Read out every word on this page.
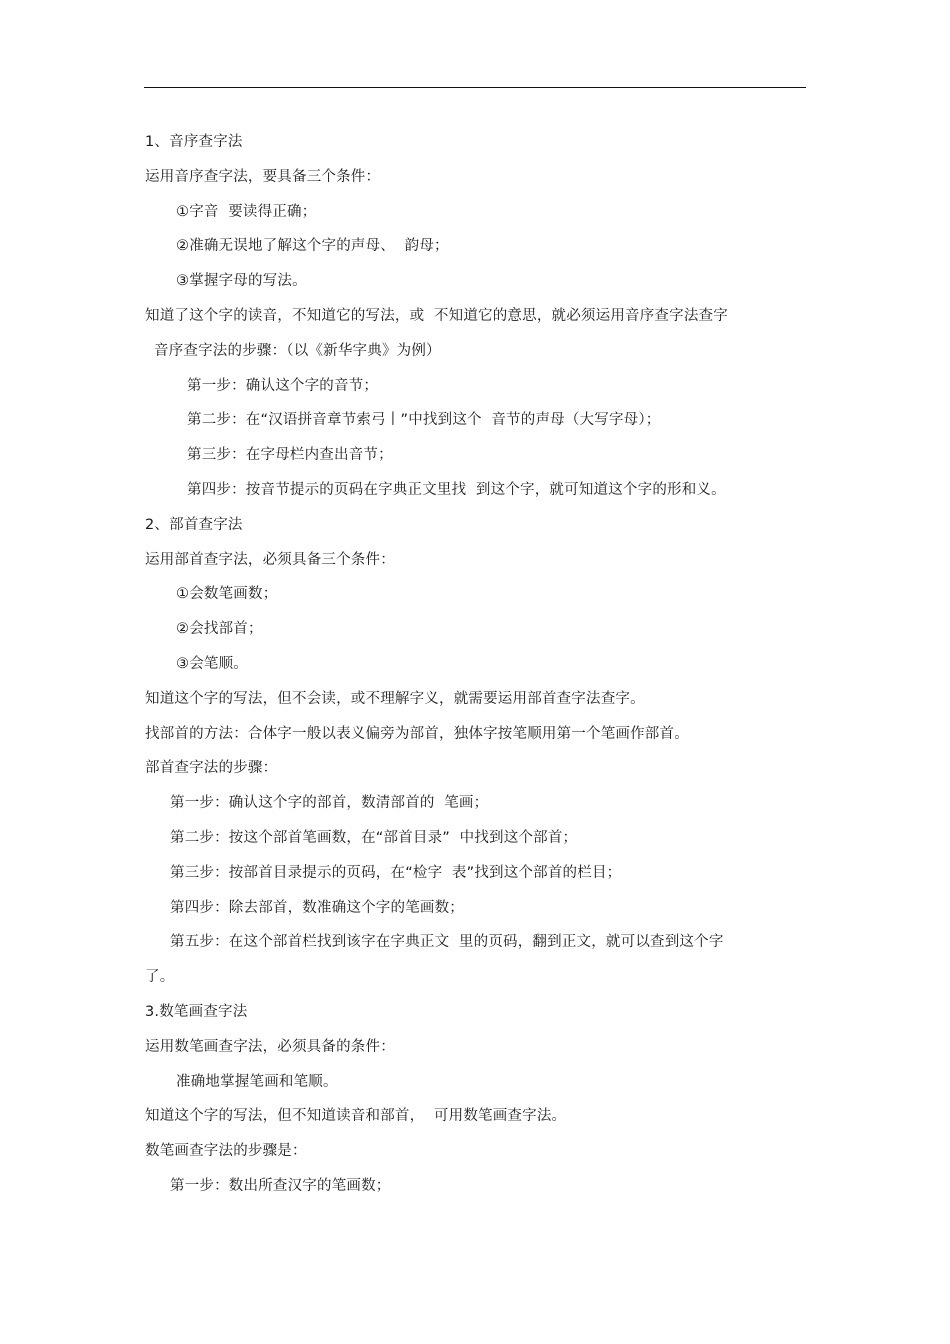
1、音序查字法
运用音序查字法，要具备三个条件：
①字音  要读得正确；
②准确无误地了解这个字的声母、  韵母；
③掌握字母的写法。
知道了这个字的读音，不知道它的写法，或  不知道它的意思，就必须运用音序查字法查字
音序查字法的步骤：（以《新华字典》为例）
第一步：确认这个字的音节；
第二步：在“汉语拼音章节索弓丨”中找到这个  音节的声母（大写字母）；
第三步：在字母栏内查出音节；
第四步：按音节提示的页码在字典正文里找  到这个字，就可知道这个字的形和义。
2、部首查字法
运用部首查字法，必须具备三个条件：
①会数笔画数；
②会找部首；
③会笔顺。
知道这个字的写法，但不会读，或不理解字义，就需要运用部首查字法查字。
找部首的方法：合体字一般以表义偏旁为部首，独体字按笔顺用第一个笔画作部首。
部首查字法的步骤：
第一步：确认这个字的部首，数清部首的  笔画；
第二步：按这个部首笔画数，在“部首目录”  中找到这个部首；
第三步：按部首目录提示的页码，在“检字  表”找到这个部首的栏目；
第四步：除去部首，数准确这个字的笔画数；
第五步：在这个部首栏找到该字在字典正文  里的页码，翻到正文，就可以查到这个字
了。
3.数笔画查字法
运用数笔画查字法，必须具备的条件：
准确地掌握笔画和笔顺。
知道这个字的写法，但不知道读音和部首，  可用数笔画查字法。
数笔画查字法的步骤是：
第一步：数出所查汉字的笔画数；
